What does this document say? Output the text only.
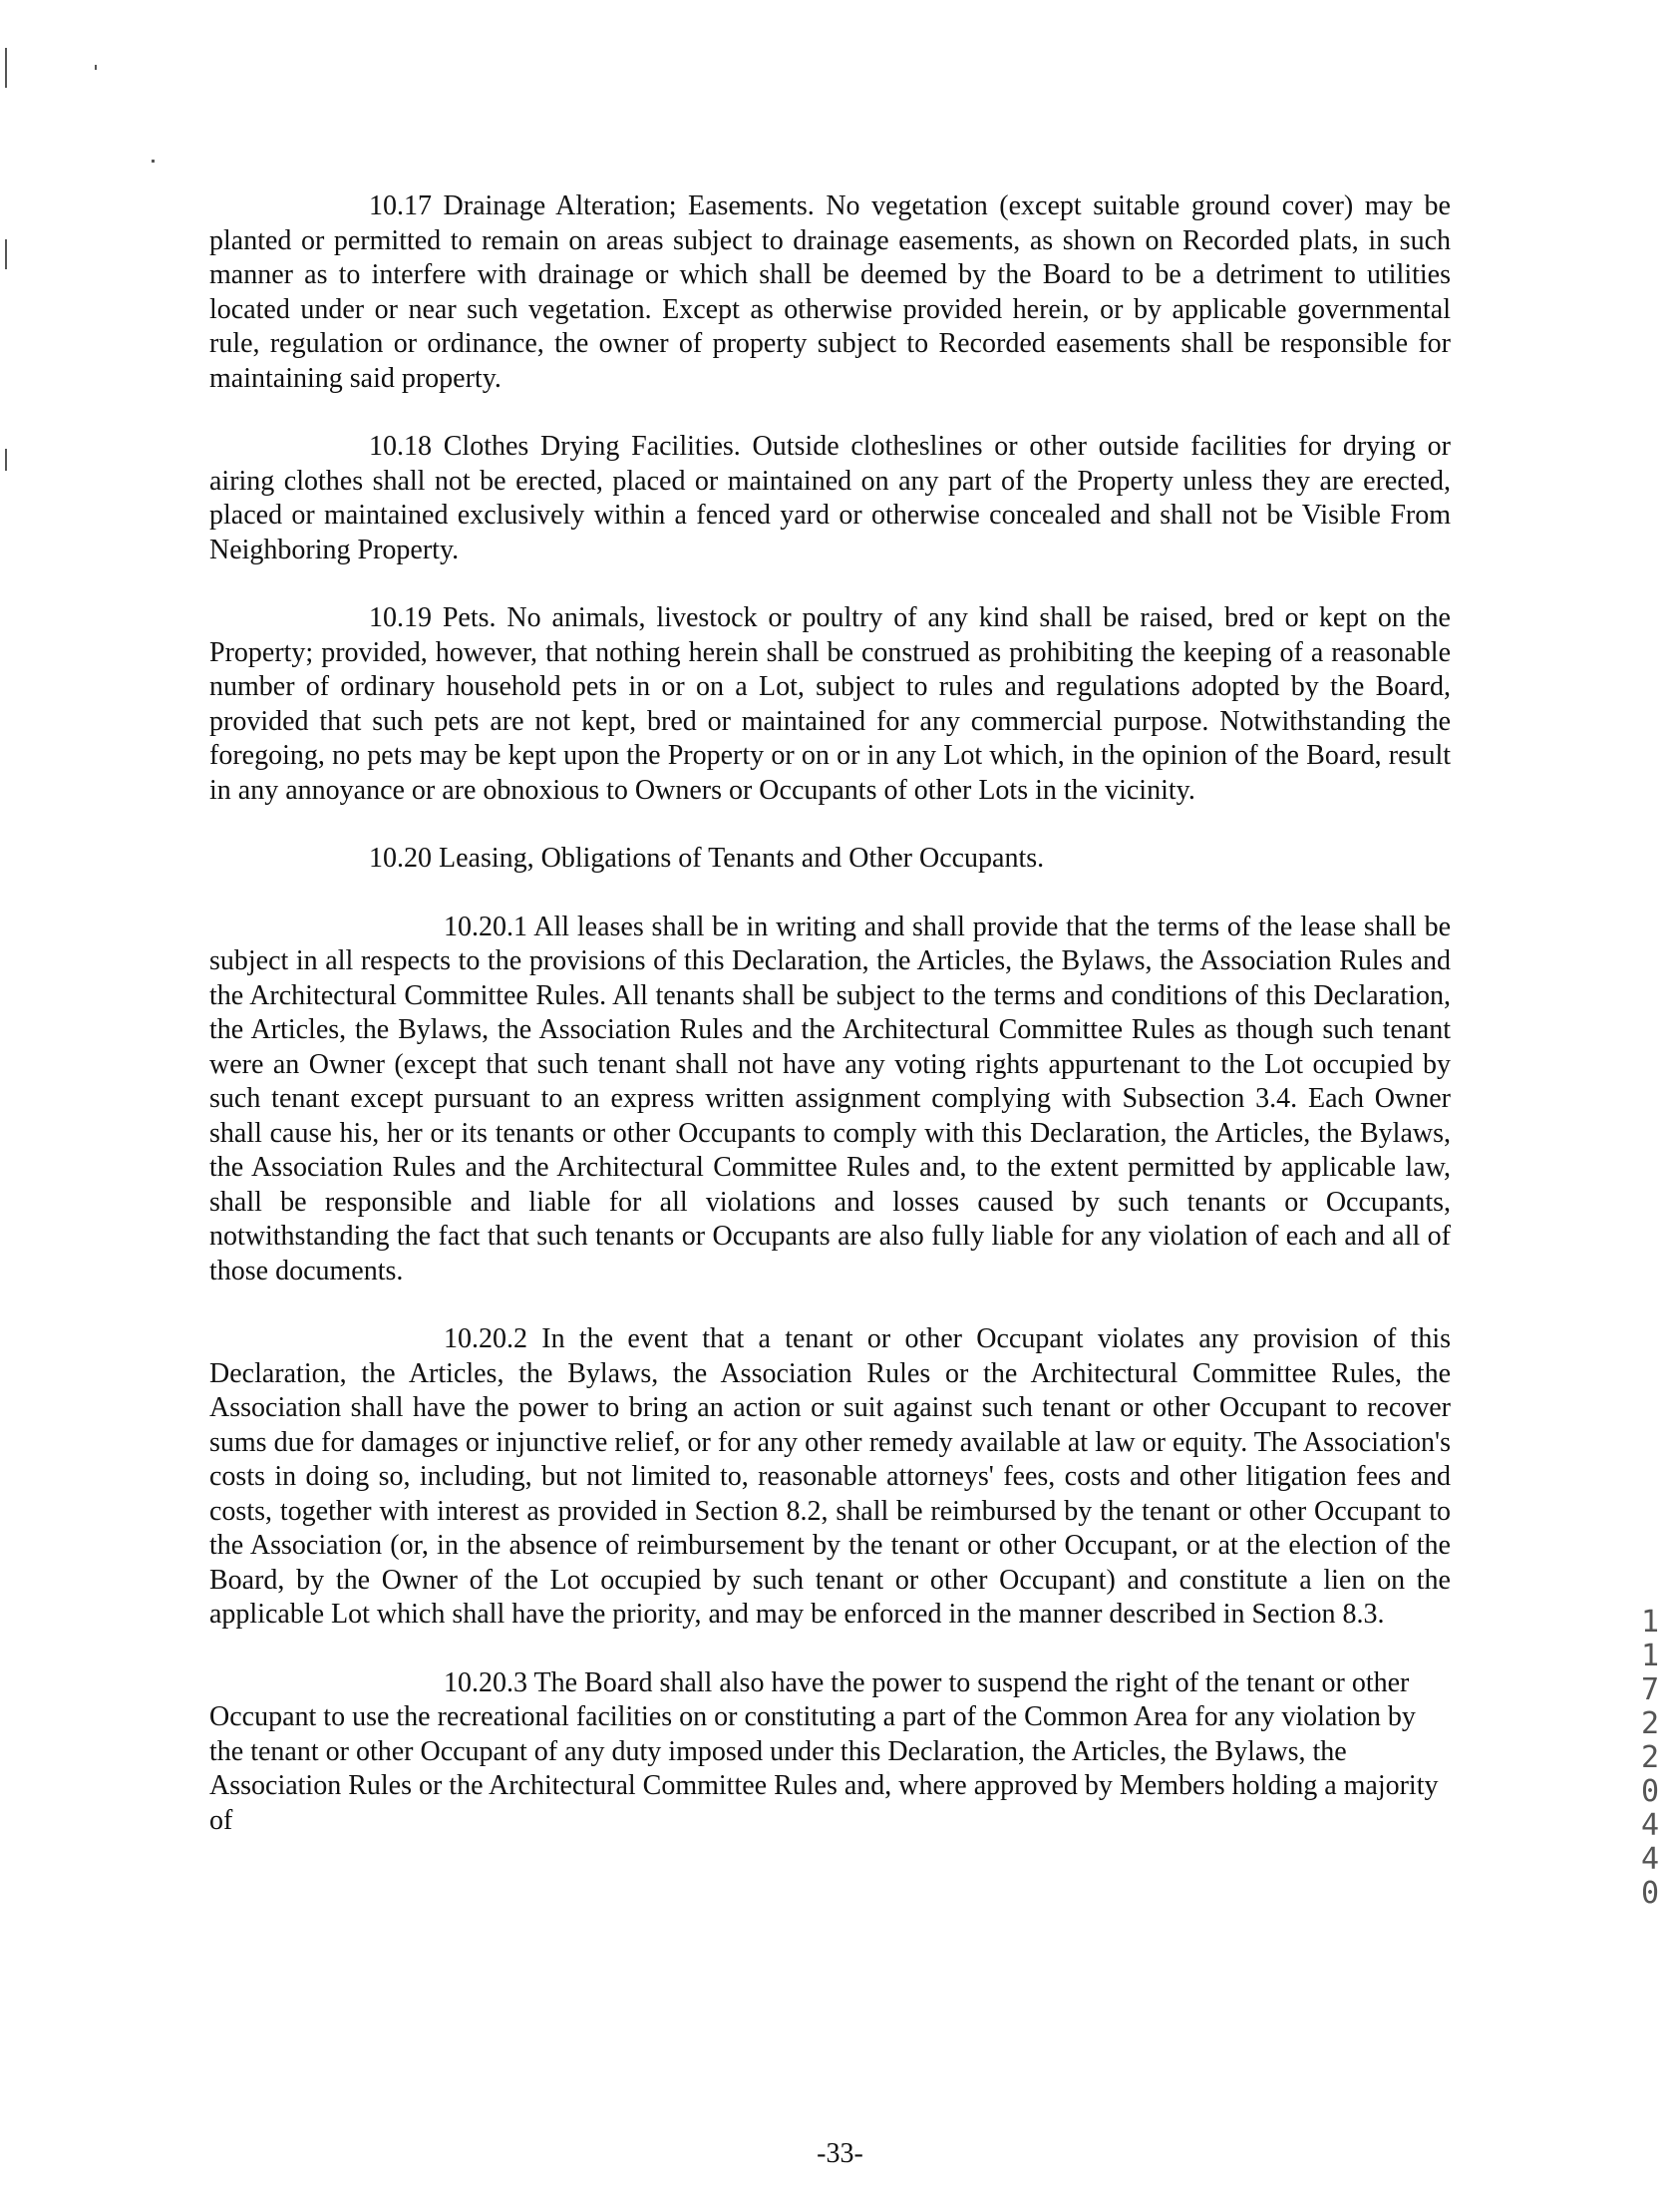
10.17 Drainage Alteration; Easements. No vegetation (except suitable ground cover) may be planted or permitted to remain on areas subject to drainage easements, as shown on Recorded plats, in such manner as to interfere with drainage or which shall be deemed by the Board to be a detriment to utilities located under or near such vegetation. Except as otherwise provided herein, or by applicable governmental rule, regulation or ordinance, the owner of property subject to Recorded easements shall be responsible for maintaining said property.

10.18 Clothes Drying Facilities. Outside clotheslines or other outside facilities for drying or airing clothes shall not be erected, placed or maintained on any part of the Property unless they are erected, placed or maintained exclusively within a fenced yard or otherwise concealed and shall not be Visible From Neighboring Property.

10.19 Pets. No animals, livestock or poultry of any kind shall be raised, bred or kept on the Property; provided, however, that nothing herein shall be construed as prohibiting the keeping of a reasonable number of ordinary household pets in or on a Lot, subject to rules and regulations adopted by the Board, provided that such pets are not kept, bred or maintained for any commercial purpose. Notwithstanding the foregoing, no pets may be kept upon the Property or on or in any Lot which, in the opinion of the Board, result in any annoyance or are obnoxious to Owners or Occupants of other Lots in the vicinity.

10.20 Leasing, Obligations of Tenants and Other Occupants.

10.20.1 All leases shall be in writing and shall provide that the terms of the lease shall be subject in all respects to the provisions of this Declaration, the Articles, the Bylaws, the Association Rules and the Architectural Committee Rules. All tenants shall be subject to the terms and conditions of this Declaration, the Articles, the Bylaws, the Association Rules and the Architectural Committee Rules as though such tenant were an Owner (except that such tenant shall not have any voting rights appurtenant to the Lot occupied by such tenant except pursuant to an express written assignment complying with Subsection 3.4. Each Owner shall cause his, her or its tenants or other Occupants to comply with this Declaration, the Articles, the Bylaws, the Association Rules and the Architectural Committee Rules and, to the extent permitted by applicable law, shall be responsible and liable for all violations and losses caused by such tenants or Occupants, notwithstanding the fact that such tenants or Occupants are also fully liable for any violation of each and all of those documents.

10.20.2 In the event that a tenant or other Occupant violates any provision of this Declaration, the Articles, the Bylaws, the Association Rules or the Architectural Committee Rules, the Association shall have the power to bring an action or suit against such tenant or other Occupant to recover sums due for damages or injunctive relief, or for any other remedy available at law or equity. The Association's costs in doing so, including, but not limited to, reasonable attorneys' fees, costs and other litigation fees and costs, together with interest as provided in Section 8.2, shall be reimbursed by the tenant or other Occupant to the Association (or, in the absence of reimbursement by the tenant or other Occupant, or at the election of the Board, by the Owner of the Lot occupied by such tenant or other Occupant) and constitute a lien on the applicable Lot which shall have the priority, and may be enforced in the manner described in Section 8.3.

10.20.3 The Board shall also have the power to suspend the right of the tenant or other Occupant to use the recreational facilities on or constituting a part of the Common Area for any violation by the tenant or other Occupant of any duty imposed under this Declaration, the Articles, the Bylaws, the Association Rules or the Architectural Committee Rules and, where approved by Members holding a majority of

-33-
11722 0440
